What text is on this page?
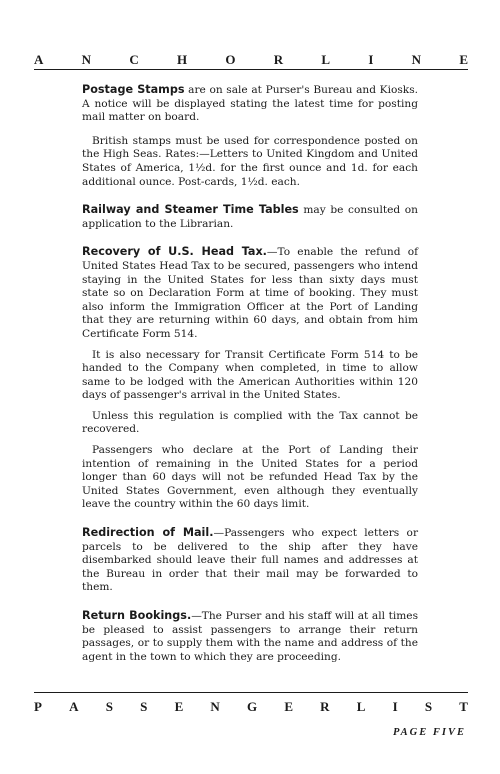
A	N	C	H	O	R	L	I	N	E

Postage Stamps are on sale at Purser's Bureau and Kiosks. A notice will be displayed stating the latest time for posting mail matter on board.

British stamps must be used for correspondence posted on the High Seas. Rates:—Letters to United Kingdom and United States of America, 1½d. for the first ounce and 1d. for each additional ounce. Post-cards, 1½d. each.

Railway and Steamer Time Tables may be consulted on application to the Librarian.

Recovery of U.S. Head Tax.—To enable the refund of United States Head Tax to be secured, passengers who intend staying in the United States for less than sixty days must state so on Declaration Form at time of booking. They must also inform the Immigration Officer at the Port of Landing that they are returning within 60 days, and obtain from him Certificate Form 514.

It is also necessary for Transit Certificate Form 514 to be handed to the Company when completed, in time to allow same to be lodged with the American Authorities within 120 days of passenger's arrival in the United States.

Unless this regulation is complied with the Tax cannot be recovered.

Passengers who declare at the Port of Landing their intention of remaining in the United States for a period longer than 60 days will not be refunded Head Tax by the United States Government, even although they eventually leave the country within the 60 days limit.

Redirection of Mail.—Passengers who expect letters or parcels to be delivered to the ship after they have disembarked should leave their full names and addresses at the Bureau in order that their mail may be forwarded to them.

Return Bookings.—The Purser and his staff will at all times be pleased to assist passengers to arrange their return passages, or to supply them with the name and address of the agent in the town to which they are proceeding.

P A S S E N G E R L I S T
PAGE FIVE
